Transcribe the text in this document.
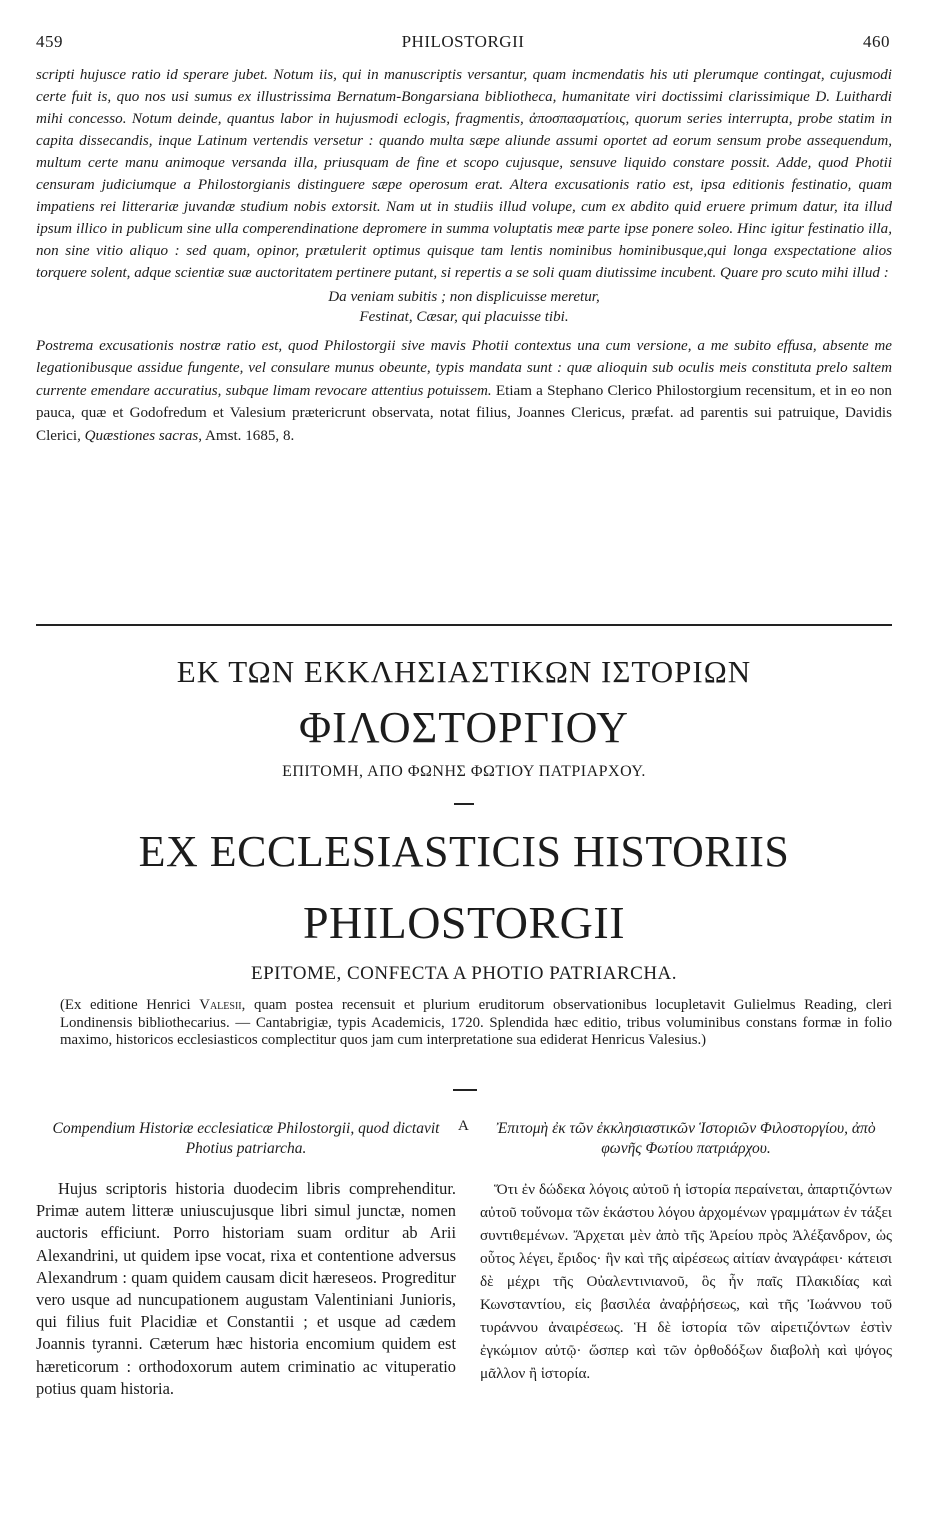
459	PHILOSTORGII	460

scripti hujusce ratio id sperare jubet. Notum iis, qui in manuscriptis versantur, quam incmendatis his uti plerumque contingat, cujusmodi certe fuit is, quo nos usi sumus ex illustrissima Bernatum-Bongarsiana bibliotheca, humanitate viri doctissimi clarissimique D. Luithardi mihi concesso. Notum deinde, quantus labor in hujusmodi eclogis, fragmentis, ἀποσπασματίοις, quorum series interrupta, probe statim in capita dissecandis, inque Latinum vertendis versetur : quando multa sæpe aliunde assumi oportet ad eorum sensum probe assequendum, multum certe manu animoque versanda illa, priusquam de fine et scopo cujusque, sensuve liquido constare possit. Adde, quod Photii censuram judiciumque a Philostorgianis distinguere sæpe operosum erat. Altera excusationis ratio est, ipsa editionis festinatio, quam impatiens rei litterariæ juvandæ studium nobis extorsit. Nam ut in studiis illud volupe, cum ex abdito quid eruere primum datur, ita illud ipsum illico in publicum sine ulla comperendinatione depromere in summa voluptatis meæ parte ipse ponere soleo. Hinc igitur festinatio illa, non sine vitio aliquo : sed quam, opinor, prætulerit optimus quisque tam lentis nominibus hominibusque,qui longa exspectatione alios torquere solent, adque scientiæ suæ auctoritatem pertinere putant, si repertis a se soli quam diutissime incubent. Quare pro scuto mihi illud :

Da veniam subitis ; non displicuisse meretur,
Festinat, Cæsar, qui placuisse tibi.

Postrema excusationis nostræ ratio est, quod Philostorgii sive mavis Photii contextus una cum versione, a me subito effusa, absente me legationibusque assidue fungente, vel consulare munus obeunte, typis mandata sunt : quæ alioquin sub oculis meis constituta prelo saltem currente emendare accuratius, subque limam revocare attentius potuissem. Etiam a Stephano Clerico Philostorgium recensitum, et in eo non pauca, quæ et Godofredum et Valesium prætericrunt observata, notat filius, Joannes Clericus, præfat. ad parentis sui patruique, Davidis Clerici, Quæstiones sacras, Amst. 1685, 8.

ΕΚ ΤΩΝ ΕΚΚΛΗΣΙΑΣΤΙΚΩΝ ΙΣΤΟΡΙΩΝ
ΦΙΛΟΣΤΟΡΓΙΟΥ
ΕΠΙΤΟΜΗ, ΑΠΟ ΦΩΝΗΣ ΦΩΤΙΟΥ ΠΑΤΡΙΑΡΧΟΥ.
EX ECCLESIASTICIS HISTORIIS
PHILOSTORGII
EPITOME, CONFECTA A PHOTIO PATRIARCHA.
(Ex editione Henrici Valesii, quam postea recensuit et plurium eruditorum observationibus locupletavit Gulielmus Reading, cleri Londinensis bibliothecarius. — Cantabrigiæ, typis Academicis, 1720. Splendida hæc editio, tribus voluminibus constans formæ in folio maximo, historicos ecclesiasticos complectitur quos jam cum interpretatione sua ediderat Henricus Valesius.)
Compendium Historiæ ecclesiaticæ Philostorgii, quod dictavit Photius patriarcha.
A	Ἐπιτομὴ ἐκ τῶν ἐκκλησιαστικῶν Ἱστοριῶν Φιλοστοργίου, ἀπὸ φωνῆς Φωτίου πατριάρχου.

Hujus scriptoris historia duodecim libris comprehenditur. Primæ autem litteræ uniuscujusque libri simul junctæ, nomen auctoris efficiunt. Porro historiam suam orditur ab Arii Alexandrini, ut quidem ipse vocat, rixa et contentione adversus Alexandrum : quam quidem causam dicit hæreseos. Progreditur vero usque ad nuncupationem augustam Valentiniani Junioris, qui filius fuit Placidiæ et Constantii ; et usque ad cædem Joannis tyranni. Cæterum hæc historia encomium quidem est hæreticorum : orthodoxorum autem criminatio ac vituperatio potius quam historia.

Ὅτι ἐν δώδεκα λόγοις αὐτοῦ ἡ ἱστορία περαίνεται, ἀπαρτιζόντων αὐτοῦ τοὔνομα τῶν ἑκάστου λόγου ἀρχομένων γραμμάτων ἐν τάξει συντιθεμένων. Ἄρχεται μὲν ἀπὸ τῆς Ἀρείου πρὸς Ἀλέξανδρον, ὡς οὗτος λέγει, ἔριδος· ἣν καὶ τῆς αἱρέσεως αἰτίαν ἀναγράφει· κάτεισι δὲ μέχρι τῆς Οὐαλεντινιανοῦ, ὃς ἦν παῖς Πλακιδίας καὶ Κωνσταντίου, εἰς βασιλέα ἀναῤῥήσεως, καὶ τῆς Ἰωάννου τοῦ τυράννου ἀναιρέσεως. Ἡ δὲ ἱστορία τῶν αἱρετιζόντων ἐστὶν ἐγκώμιον αὐτῷ· ὥσπερ καὶ τῶν ὀρθοδόξων διαβολὴ καὶ ψόγος μᾶλλον ἢ ἱστορία.
